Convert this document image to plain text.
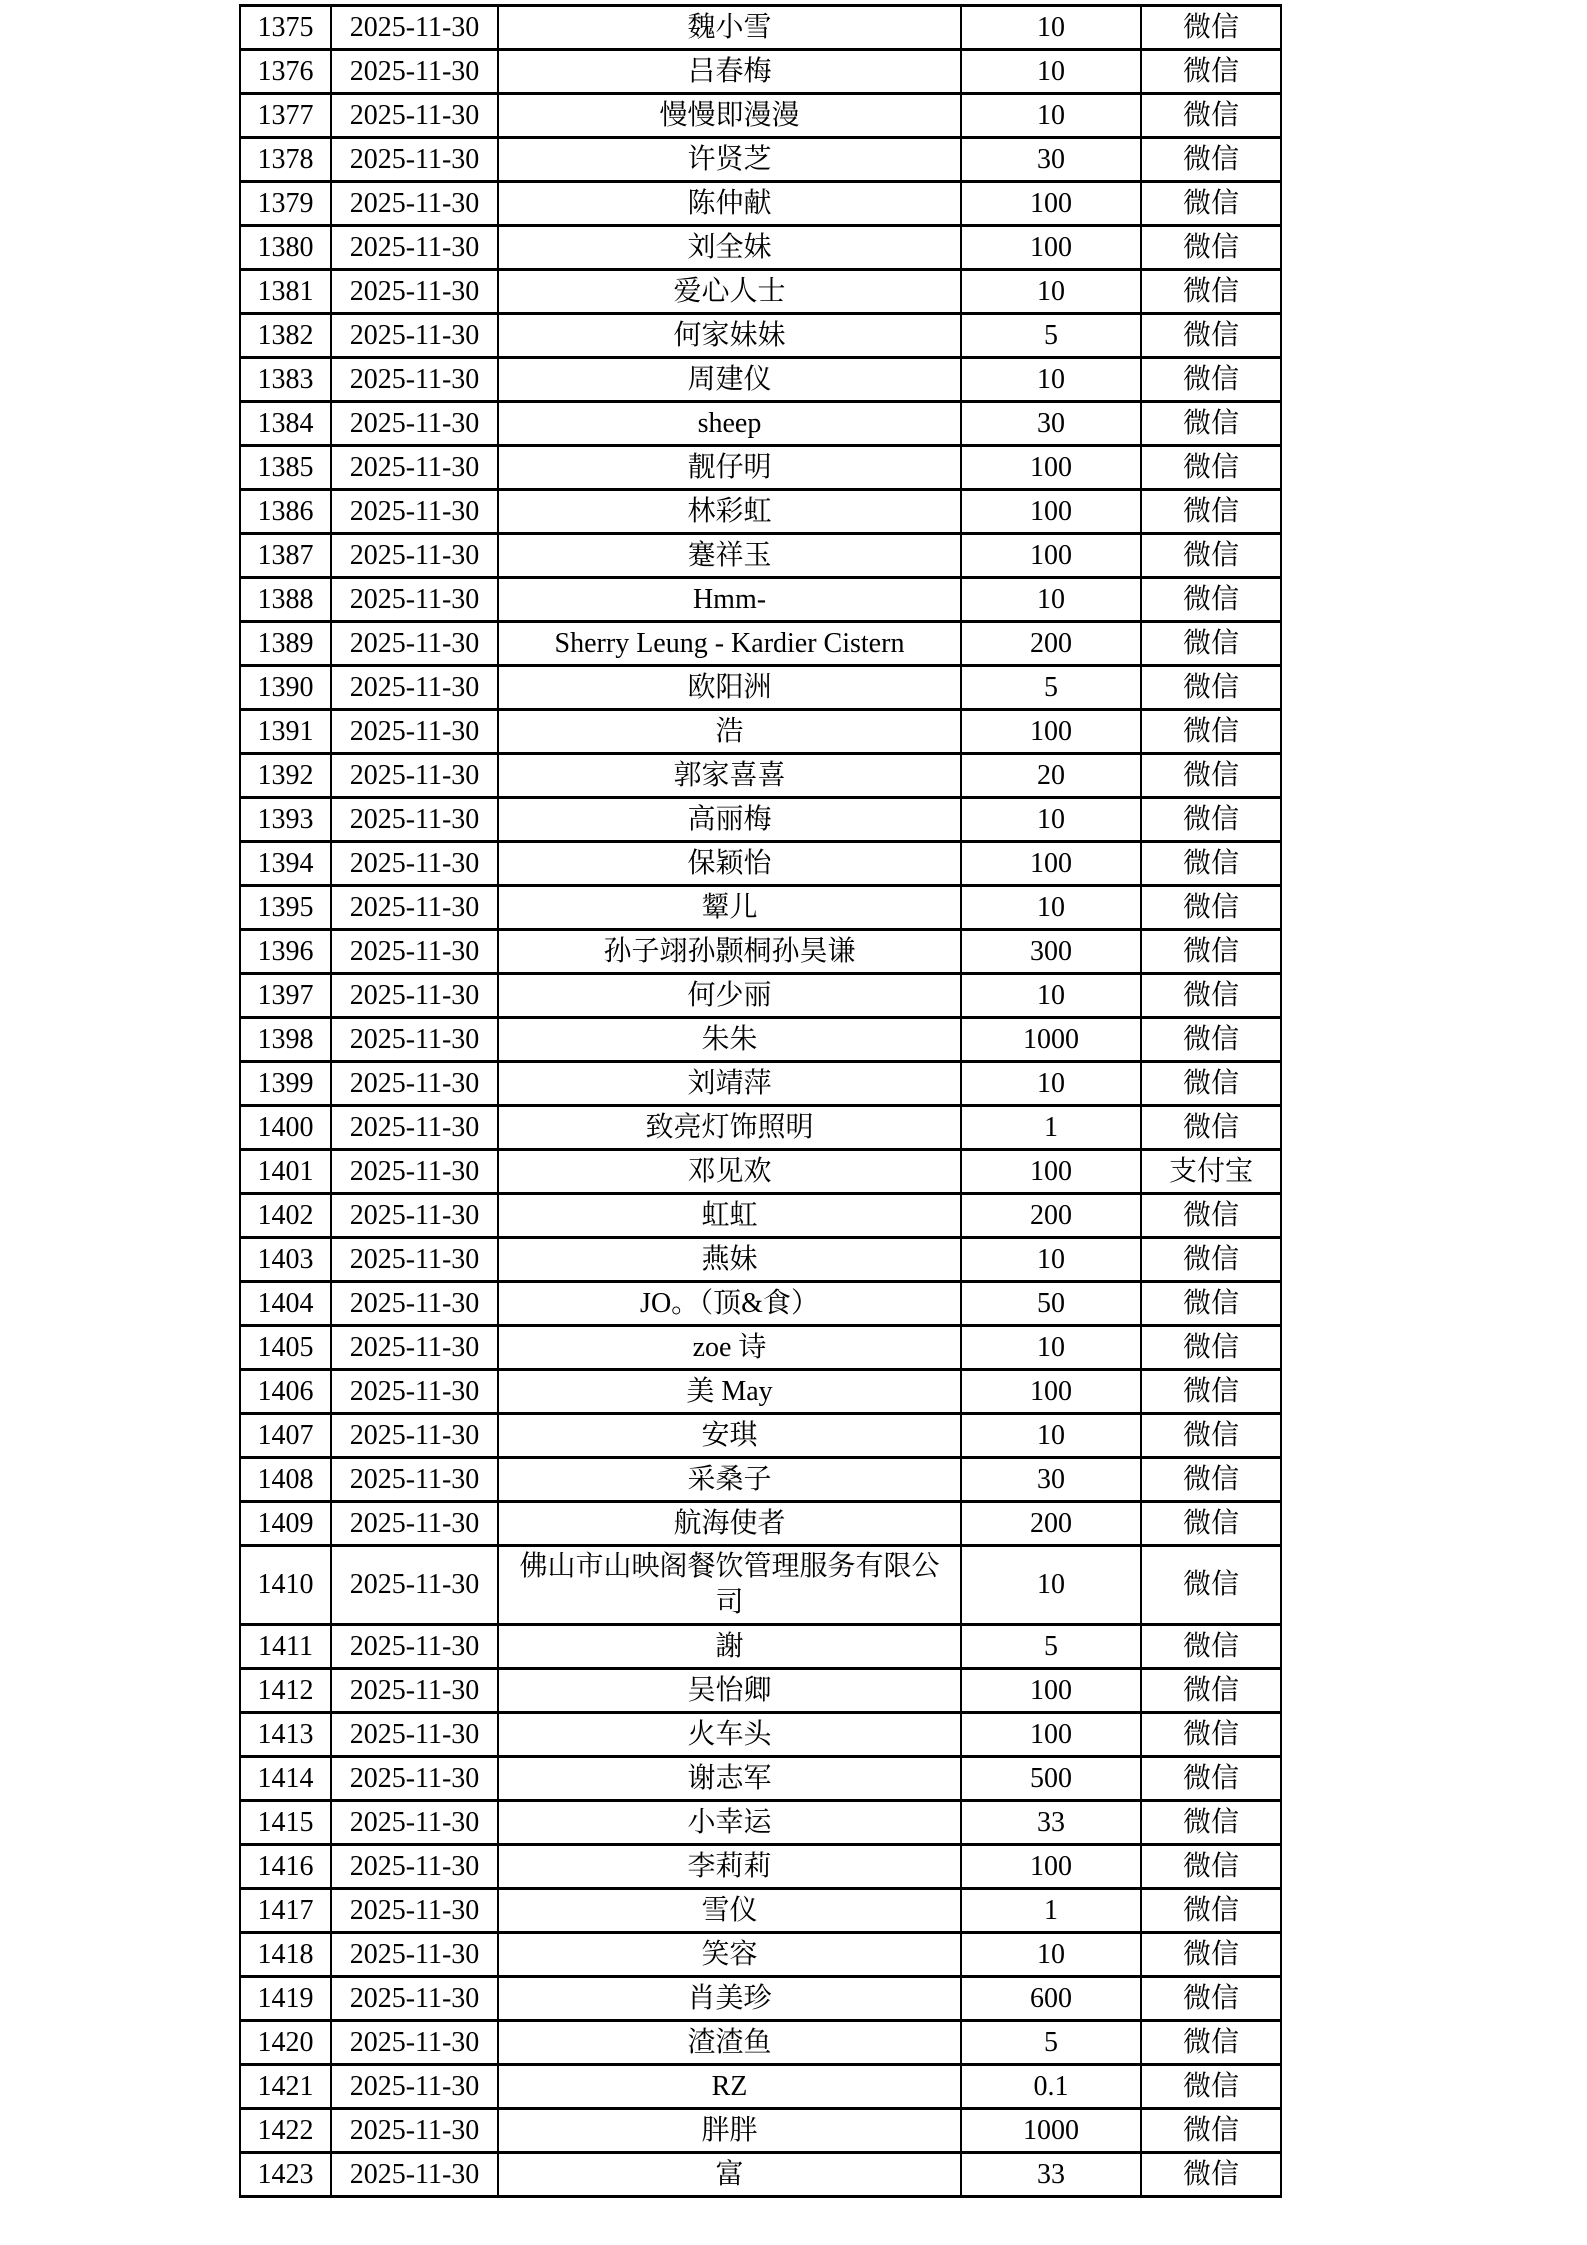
1375	2025-11-30	魏小雪	10	微信
1376	2025-11-30	吕春梅	10	微信
1377	2025-11-30	慢慢即漫漫	10	微信
1378	2025-11-30	许贤芝	30	微信
1379	2025-11-30	陈仲献	100	微信
1380	2025-11-30	刘全妹	100	微信
1381	2025-11-30	爱心人士	10	微信
1382	2025-11-30	何家妹妹	5	微信
1383	2025-11-30	周建仪	10	微信
1384	2025-11-30	sheep	30	微信
1385	2025-11-30	靓仔明	100	微信
1386	2025-11-30	林彩虹	100	微信
1387	2025-11-30	蹇祥玉	100	微信
1388	2025-11-30	Hmm-	10	微信
1389	2025-11-30	Sherry Leung - Kardier Cistern	200	微信
1390	2025-11-30	欧阳洲	5	微信
1391	2025-11-30	浩	100	微信
1392	2025-11-30	郭家喜喜	20	微信
1393	2025-11-30	高丽梅	10	微信
1394	2025-11-30	保颖怡	100	微信
1395	2025-11-30	颦儿	10	微信
1396	2025-11-30	孙子翊孙颢桐孙昊谦	300	微信
1397	2025-11-30	何少丽	10	微信
1398	2025-11-30	朱朱	1000	微信
1399	2025-11-30	刘靖萍	10	微信
1400	2025-11-30	致亮灯饰照明	1	微信
1401	2025-11-30	邓见欢	100	支付宝
1402	2025-11-30	虹虹	200	微信
1403	2025-11-30	燕妹	10	微信
1404	2025-11-30	JO。（顶&食）	50	微信
1405	2025-11-30	zoe 诗	10	微信
1406	2025-11-30	美 May	100	微信
1407	2025-11-30	安琪	10	微信
1408	2025-11-30	采桑子	30	微信
1409	2025-11-30	航海使者	200	微信
1410	2025-11-30	佛山市山映阁餐饮管理服务有限公司	10	微信
1411	2025-11-30	謝	5	微信
1412	2025-11-30	吴怡卿	100	微信
1413	2025-11-30	火车头	100	微信
1414	2025-11-30	谢志军	500	微信
1415	2025-11-30	小幸运	33	微信
1416	2025-11-30	李莉莉	100	微信
1417	2025-11-30	雪仪	1	微信
1418	2025-11-30	笑容	10	微信
1419	2025-11-30	肖美珍	600	微信
1420	2025-11-30	渣渣鱼	5	微信
1421	2025-11-30	RZ	0.1	微信
1422	2025-11-30	胖胖	1000	微信
1423	2025-11-30	富	33	微信
